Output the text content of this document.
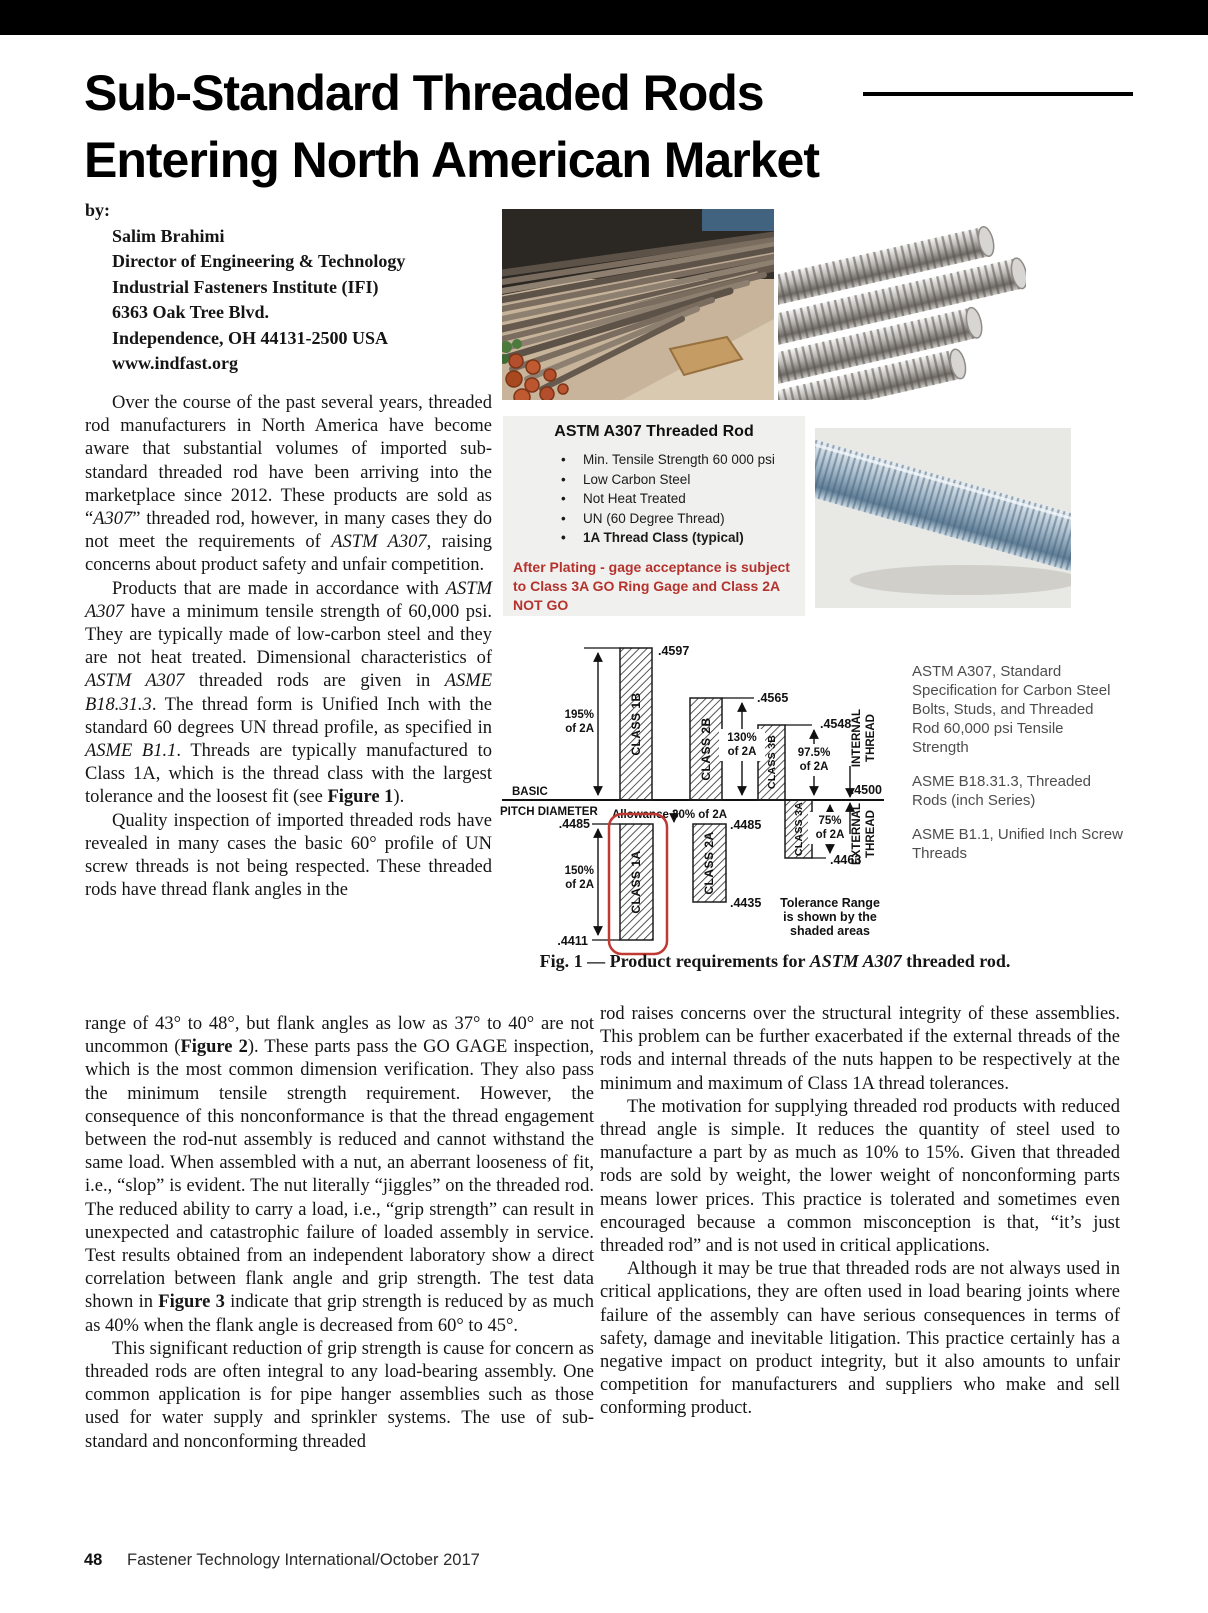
Sub-Standard Threaded Rods
Entering North American Market
by:
Salim Brahimi
Director of Engineering & Technology
Industrial Fasteners Institute (IFI)
6363 Oak Tree Blvd.
Independence, OH 44131-2500 USA
www.indfast.org
ASTM A307 Threaded Rod
• Min. Tensile Strength 60 000 psi
• Low Carbon Steel
• Not Heat Treated
• UN (60 Degree Thread)
• 1A Thread Class (typical)
After Plating - gage acceptance is subject to Class 3A GO Ring Gage and Class 2A NOT GO
CLASS 1B	CLASS 2B	CLASS 3B
CLASS 3A
CLASS 1A	CLASS 2A
195%
of 2A
.4597
130%
of 2A
.4565
97.5%
of 2A
.4548
75%
of 2A
.4463
.4500
INTERNAL THREAD
EXTERNAL THREAD
Allowance 30% of 2A
.4485
150%
of 2A
.4411
.4485
.4435
BASIC
PITCH DIAMETER
Tolerance Range
is shown by the
shaded areas

ASTM A307, Standard Specification for Carbon Steel Bolts, Studs, and Threaded Rod 60,000 psi Tensile Strength

ASME B18.31.3, Threaded Rods (inch Series)

ASME B1.1, Unified Inch Screw Threads

Fig. 1 — Product requirements for ASTM A307 threaded rod.

Over the course of the past several years, threaded rod manufacturers in North America have become aware that substantial volumes of imported sub-standard threaded rod have been arriving into the marketplace since 2012. These products are sold as “A307” threaded rod, however, in many cases they do not meet the requirements of ASTM A307, raising concerns about product safety and unfair competition.

Products that are made in accordance with ASTM A307 have a minimum tensile strength of 60,000 psi. They are typically made of low-carbon steel and they are not heat treated. Dimensional characteristics of ASTM A307 threaded rods are given in ASME B18.31.3. The thread form is Unified Inch with the standard 60 degrees UN thread profile, as specified in ASME B1.1. Threads are typically manufactured to Class 1A, which is the thread class with the largest tolerance and the loosest fit (see Figure 1).

Quality inspection of imported threaded rods have revealed in many cases the basic 60° profile of UN screw threads is not being respected. These threaded rods have thread flank angles in the

range of 43° to 48°, but flank angles as low as 37° to 40° are not uncommon (Figure 2). These parts pass the GO GAGE inspection, which is the most common dimension verification. They also pass the minimum tensile strength requirement. However, the consequence of this nonconformance is that the thread engagement between the rod-nut assembly is reduced and cannot withstand the same load. When assembled with a nut, an aberrant looseness of fit, i.e., “slop” is evident. The nut literally “jiggles” on the threaded rod. The reduced ability to carry a load, i.e., “grip strength” can result in unexpected and catastrophic failure of loaded assembly in service. Test results obtained from an independent laboratory show a direct correlation between flank angle and grip strength. The test data shown in Figure 3 indicate that grip strength is reduced by as much as 40% when the flank angle is decreased from 60° to 45°.

This significant reduction of grip strength is cause for concern as threaded rods are often integral to any load-bearing assembly. One common application is for pipe hanger assemblies such as those used for water supply and sprinkler systems. The use of sub-standard and nonconforming threaded

rod raises concerns over the structural integrity of these assemblies. This problem can be further exacerbated if the external threads of the rods and internal threads of the nuts happen to be respectively at the minimum and maximum of Class 1A thread tolerances.

The motivation for supplying threaded rod products with reduced thread angle is simple. It reduces the quantity of steel used to manufacture a part by as much as 10% to 15%. Given that threaded rods are sold by weight, the lower weight of nonconforming parts means lower prices. This practice is tolerated and sometimes even encouraged because a common misconception is that, “it’s just threaded rod” and is not used in critical applications.

Although it may be true that threaded rods are not always used in critical applications, they are often used in load bearing joints where failure of the assembly can have serious consequences in terms of safety, damage and inevitable litigation. This practice certainly has a negative impact on product integrity, but it also amounts to unfair competition for manufacturers and suppliers who make and sell conforming product.

48 Fastener Technology International/October 2017
